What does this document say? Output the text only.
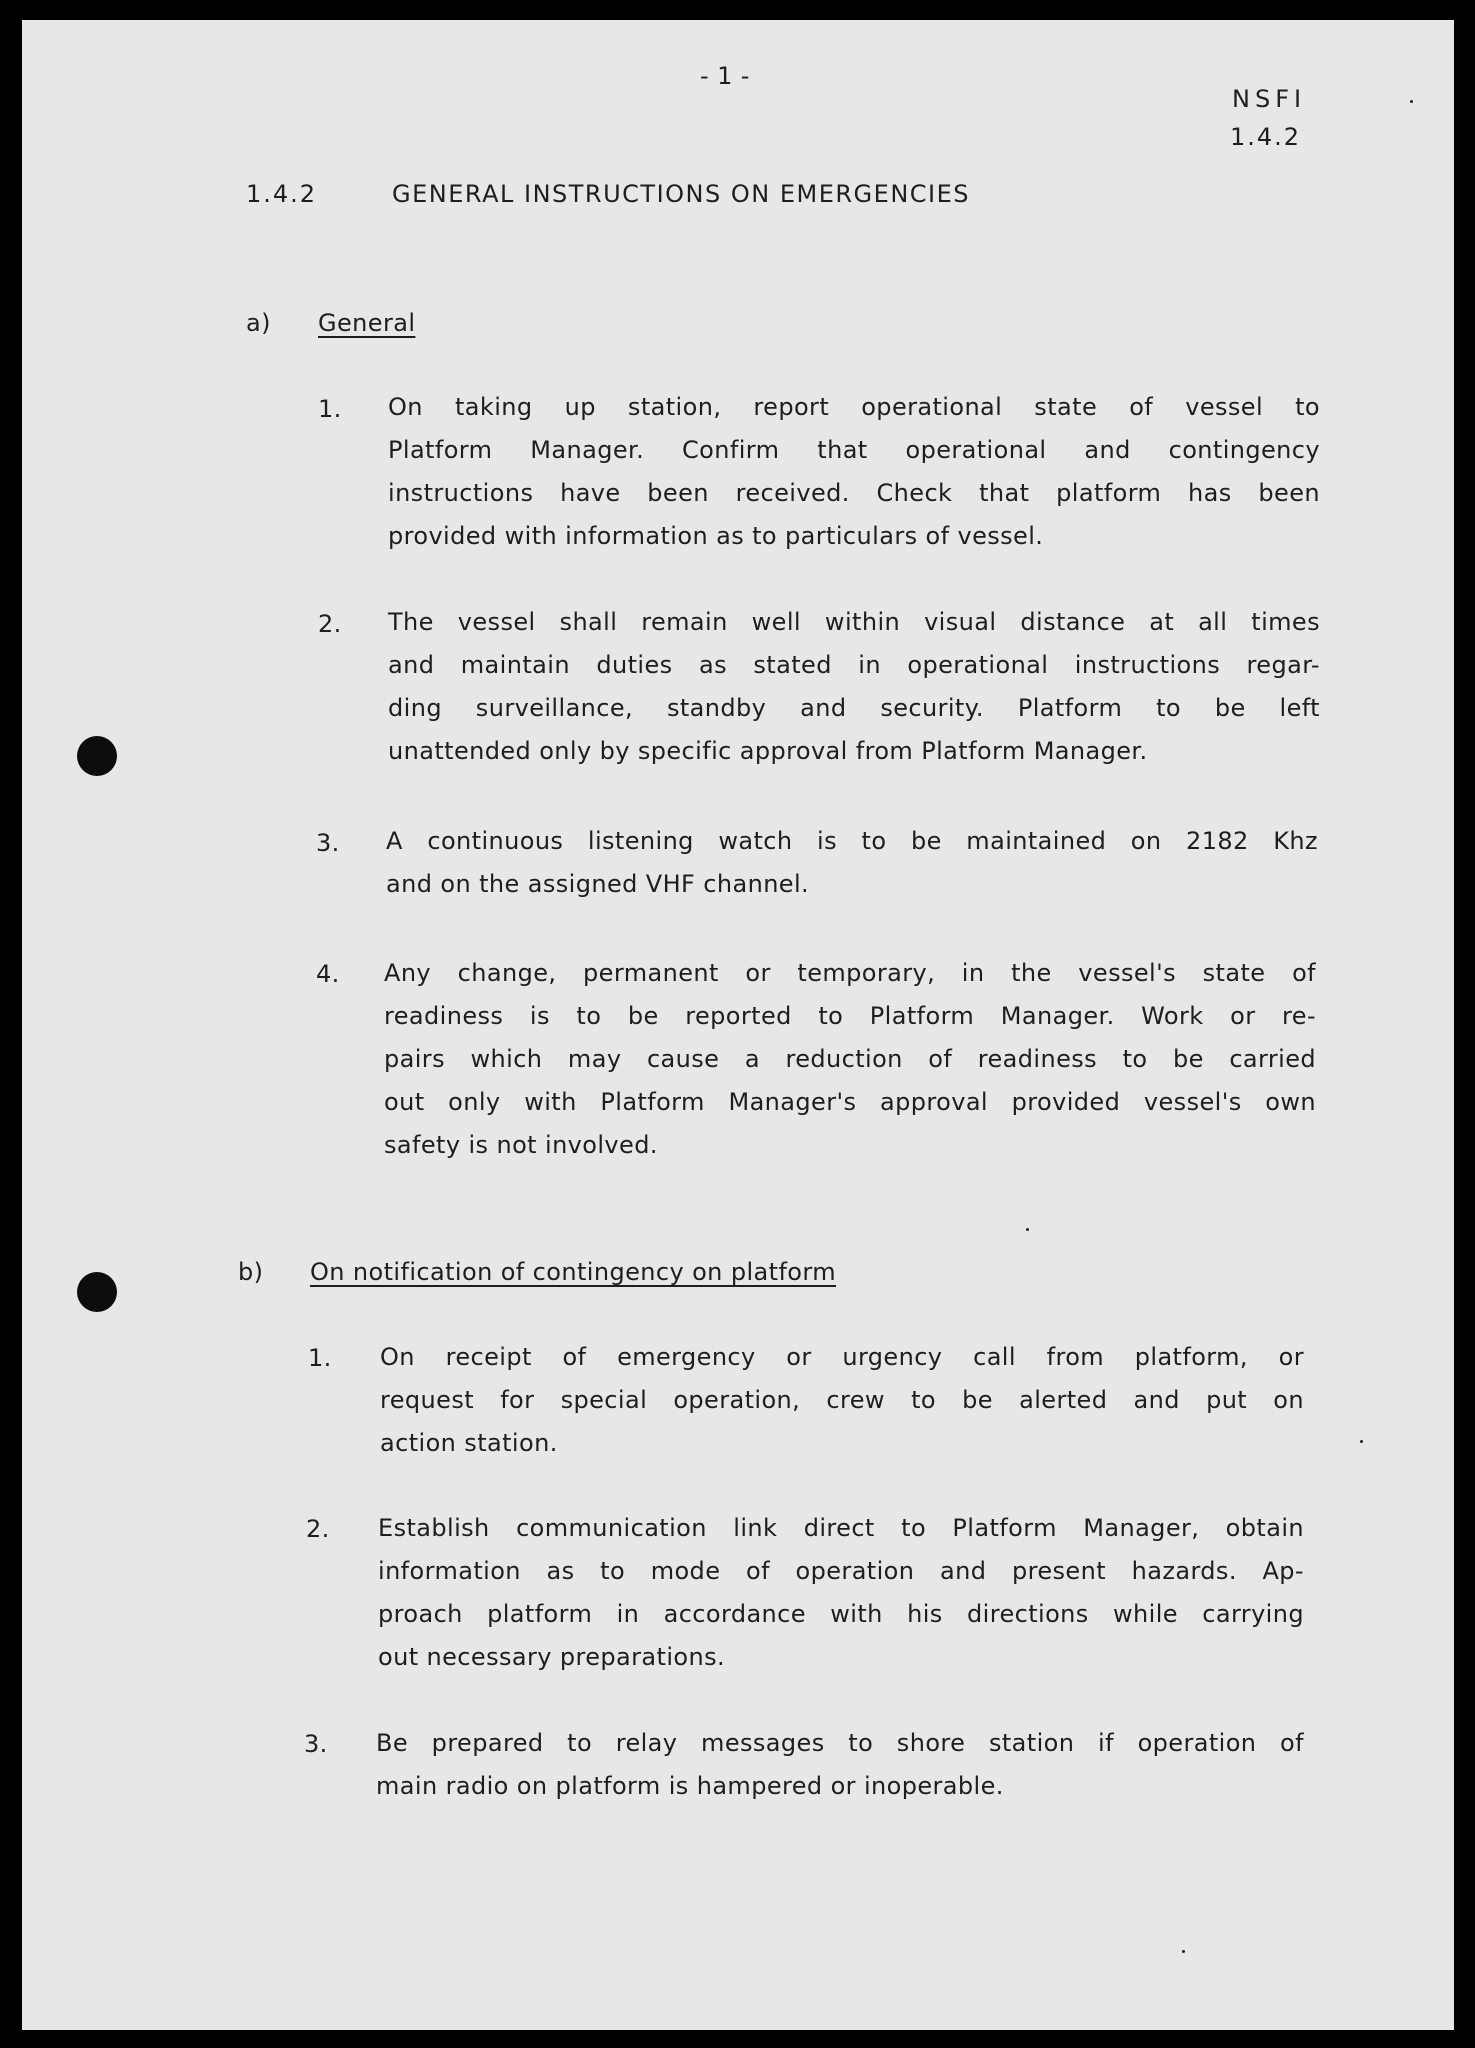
- 1 -
NSFI
1.4.2
1.4.2	GENERAL INSTRUCTIONS ON EMERGENCIES
a) General
1. On taking up station, report operational state of vessel to

Platform Manager. Confirm that operational and contingency

instructions have been received. Check that platform has been

provided with information as to particulars of vessel.

2. The vessel shall remain well within visual distance at all times

and maintain duties as stated in operational instructions regar-

ding surveillance, standby and security. Platform to be left

unattended only by specific approval from Platform Manager.

3. A continuous listening watch is to be maintained on 2182 Khz

and on the assigned VHF channel.

4. Any change, permanent or temporary, in the vessel's state of

readiness is to be reported to Platform Manager. Work or re-

pairs which may cause a reduction of readiness to be carried

out only with Platform Manager's approval provided vessel's own

safety is not involved.

b) On notification of contingency on platform
1. On receipt of emergency or urgency call from platform, or

request for special operation, crew to be alerted and put on

action station.

2. Establish communication link direct to Platform Manager, obtain

information as to mode of operation and present hazards. Ap-

proach platform in accordance with his directions while carrying

out necessary preparations.

3. Be prepared to relay messages to shore station if operation of

main radio on platform is hampered or inoperable.
